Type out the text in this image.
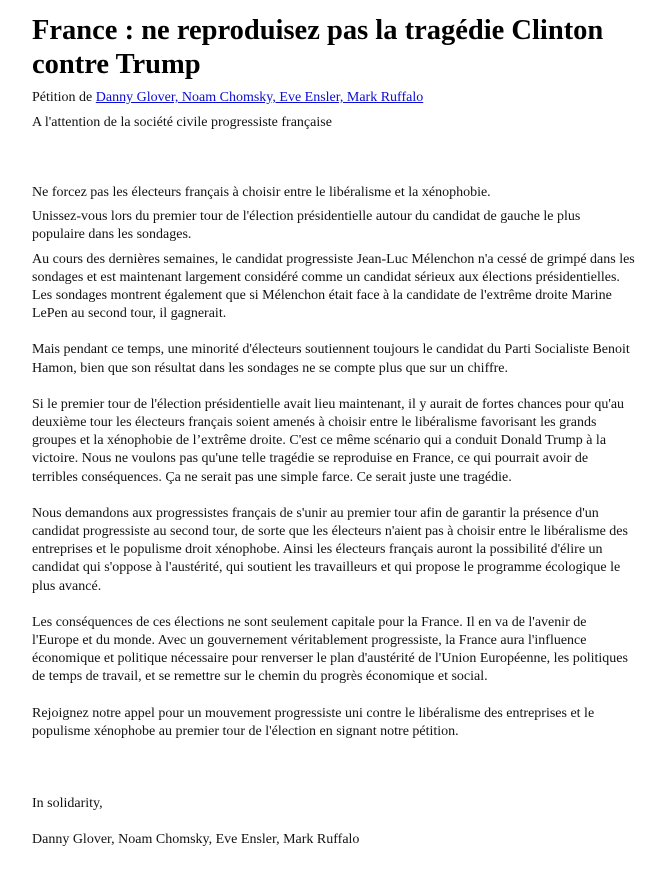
France : ne reproduisez pas la tragédie Clinton contre Trump

Pétition de Danny Glover, Noam Chomsky, Eve Ensler, Mark Ruffalo

A l'attention de la société civile progressiste française

Ne forcez pas les électeurs français à choisir entre le libéralisme et la xénophobie.

Unissez-vous lors du premier tour de l'élection présidentielle autour du candidat de gauche le plus populaire dans les sondages.

Au cours des dernières semaines, le candidat progressiste Jean-Luc Mélenchon n'a cessé de grimpé dans les sondages et est maintenant largement considéré comme un candidat sérieux aux élections présidentielles. Les sondages montrent également que si Mélenchon était face à la candidate de l'extrême droite Marine LePen au second tour, il gagnerait.

Mais pendant ce temps, une minorité d'électeurs soutiennent toujours le candidat du Parti Socialiste Benoit Hamon, bien que son résultat dans les sondages ne se compte plus que sur un chiffre.

Si le premier tour de l'élection présidentielle avait lieu maintenant, il y aurait de fortes chances pour qu'au deuxième tour les électeurs français soient amenés à choisir entre le libéralisme favorisant les grands groupes et la xénophobie de l’extrême droite. C'est ce même scénario qui a conduit Donald Trump à la victoire. Nous ne voulons pas qu'une telle tragédie se reproduise en France, ce qui pourrait avoir de terribles conséquences. Ça ne serait pas une simple farce. Ce serait juste une tragédie.

Nous demandons aux progressistes français de s'unir au premier tour afin de garantir la présence d'un candidat progressiste au second tour, de sorte que les électeurs n'aient pas à choisir entre le libéralisme des entreprises et le populisme droit xénophobe. Ainsi les électeurs français auront la possibilité d'élire un candidat qui s'oppose à l'austérité, qui soutient les travailleurs et qui propose le programme écologique le plus avancé.

Les conséquences de ces élections ne sont seulement capitale pour la France. Il en va de l'avenir de l'Europe et du monde. Avec un gouvernement véritablement progressiste, la France aura l'influence économique et politique nécessaire pour renverser le plan d'austérité de l'Union Européenne, les politiques de temps de travail, et se remettre sur le chemin du progrès économique et social.

Rejoignez notre appel pour un mouvement progressiste uni contre le libéralisme des entreprises et le populisme xénophobe au premier tour de l'élection en signant notre pétition.

In solidarity,

Danny Glover, Noam Chomsky, Eve Ensler, Mark Ruffalo
